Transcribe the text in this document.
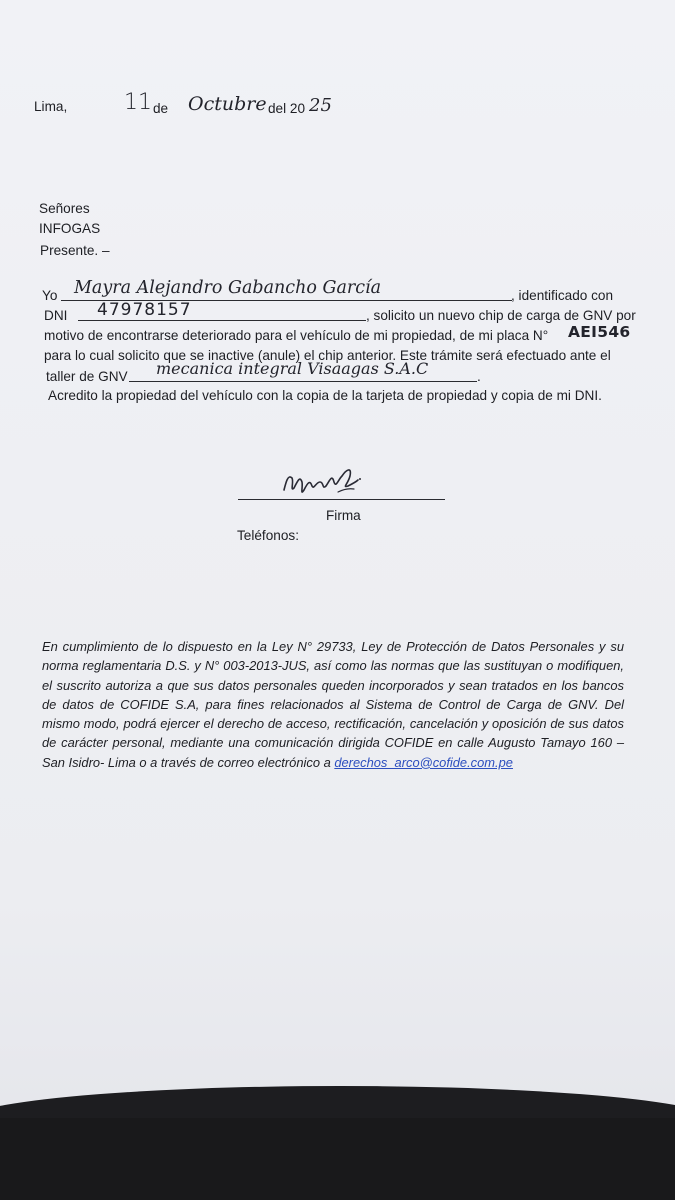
Lima,	11 de Octubre del 20 25
Señores
INFOGAS
Presente. –
Yo Mayra Alejandro Gabancho García	, identificado con
DNI 47978157	, solicito un nuevo chip de carga de GNV por
motivo de encontrarse deteriorado para el vehículo de mi propiedad, de mi placa N° AEI546
para lo cual solicito que se inactive (anule) el chip anterior. Este trámite será efectuado ante el
taller de GNV mecanica integral Visaagas S.A.C	.
Acredito la propiedad del vehículo con la copia de la tarjeta de propiedad y copia de mi DNI.
Firma
Teléfonos:
En cumplimiento de lo dispuesto en la Ley N° 29733, Ley de Protección de Datos Personales y su norma reglamentaria D.S. y N° 003-2013-JUS, así como las normas que las sustituyan o modifiquen, el suscrito autoriza a que sus datos personales queden incorporados y sean tratados en los bancos de datos de COFIDE S.A, para fines relacionados al Sistema de Control de Carga de GNV. Del mismo modo, podrá ejercer el derecho de acceso, rectificación, cancelación y oposición de sus datos de carácter personal, mediante una comunicación dirigida COFIDE en calle Augusto Tamayo 160 – San Isidro- Lima o a través de correo electrónico a derechos_arco@cofide.com.pe
